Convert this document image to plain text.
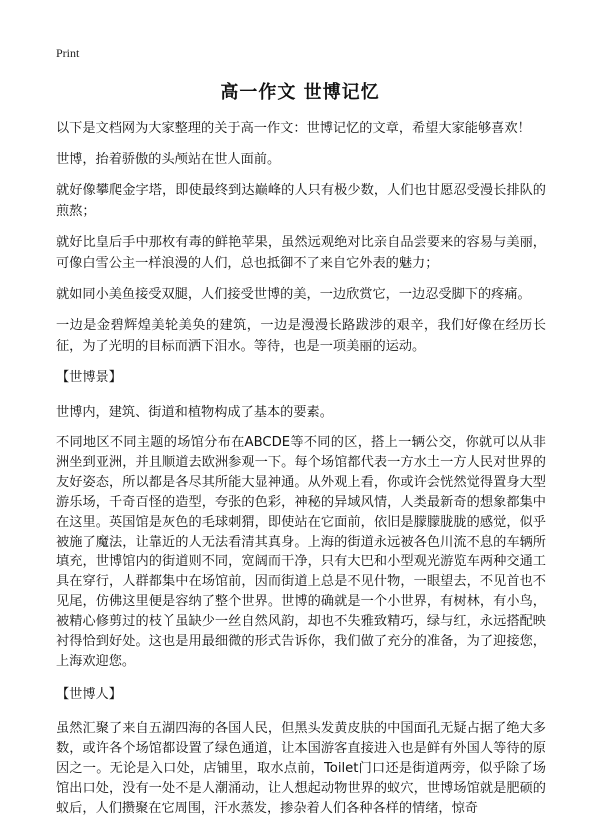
Print
高一作文 世博记忆

以下是文档网为大家整理的关于高一作文：世博记忆的文章，希望大家能够喜欢！

世博，抬着骄傲的头颅站在世人面前。

就好像攀爬金字塔，即使最终到达巅峰的人只有极少数，人们也甘愿忍受漫长排队的煎熬；

就好比皇后手中那枚有毒的鲜艳苹果，虽然远观绝对比亲自品尝要来的容易与美丽，可像白雪公主一样浪漫的人们，总也抵御不了来自它外表的魅力；

就如同小美鱼接受双腿，人们接受世博的美，一边欣赏它，一边忍受脚下的疼痛。

一边是金碧辉煌美轮美奂的建筑，一边是漫漫长路跋涉的艰辛，我们好像在经历长征，为了光明的目标而洒下泪水。等待，也是一项美丽的运动。

【世博景】

世博内，建筑、街道和植物构成了基本的要素。

不同地区不同主题的场馆分布在ABCDE等不同的区，搭上一辆公交，你就可以从非洲坐到亚洲，并且顺道去欧洲参观一下。每个场馆都代表一方水土一方人民对世界的友好姿态，所以都是各尽其所能大显神通。从外观上看，你或许会恍然觉得置身大型游乐场，千奇百怪的造型，夸张的色彩，神秘的异域风情，人类最新奇的想象都集中在这里。英国馆是灰色的毛球刺猬，即使站在它面前，依旧是朦朦胧胧的感觉，似乎被施了魔法，让靠近的人无法看清其真身。上海的街道永远被各色川流不息的车辆所填充，世博馆内的街道则不同，宽阔而干净，只有大巴和小型观光游览车两种交通工具在穿行，人群都集中在场馆前，因而街道上总是不见什物，一眼望去，不见首也不见尾，仿佛这里便是容纳了整个世界。世博的确就是一个小世界，有树林，有小鸟，被精心修剪过的枝丫虽缺少一丝自然风韵，却也不失雅致精巧，绿与红，永远搭配映衬得恰到好处。这也是用最细微的形式告诉你，我们做了充分的准备，为了迎接您，上海欢迎您。

【世博人】

虽然汇聚了来自五湖四海的各国人民，但黑头发黄皮肤的中国面孔无疑占据了绝大多数，或许各个场馆都设置了绿色通道，让本国游客直接进入也是鲜有外国人等待的原因之一。无论是入口处，店铺里，取水点前，Toilet门口还是街道两旁，似乎除了场馆出口处，没有一处不是人潮涌动，让人想起动物世界的蚁穴，世博场馆就是肥硕的蚁后，人们攒聚在它周围，汗水蒸发，掺杂着人们各种各样的情绪，惊奇
